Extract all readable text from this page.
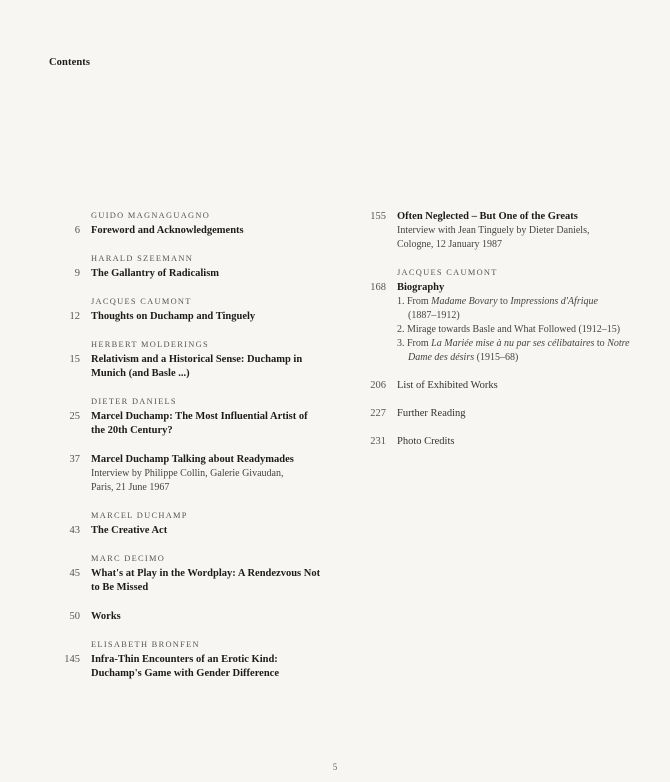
Contents
GUIDO MAGNAGUAGNO
6 Foreword and Acknowledgements
HARALD SZEEMANN
9 The Gallantry of Radicalism
JACQUES CAUMONT
12 Thoughts on Duchamp and Tinguely
HERBERT MOLDERINGS
15 Relativism and a Historical Sense: Duchamp in
Munich (and Basle ...)
DIETER DANIELS
25 Marcel Duchamp: The Most Influential Artist of
the 20th Century?
37 Marcel Duchamp Talking about Readymades
Interview by Philippe Collin, Galerie Givaudan,
Paris, 21 June 1967
MARCEL DUCHAMP
43 The Creative Act
MARC DECIMO
45 What's at Play in the Wordplay: A Rendezvous Not
to Be Missed
50 Works
ELISABETH BRONFEN
145 Infra-Thin Encounters of an Erotic Kind:
Duchamp's Game with Gender Difference
155 Often Neglected – But One of the Greats
Interview with Jean Tinguely by Dieter Daniels,
Cologne, 12 January 1987
JACQUES CAUMONT
168 Biography
1. From Madame Bovary to Impressions d'Afrique
(1887–1912)
2. Mirage towards Basle and What Followed (1912–15)
3. From La Mariée mise à nu par ses célibataires to Notre
Dame des désirs (1915–68)
206 List of Exhibited Works
227 Further Reading
231 Photo Credits
5
